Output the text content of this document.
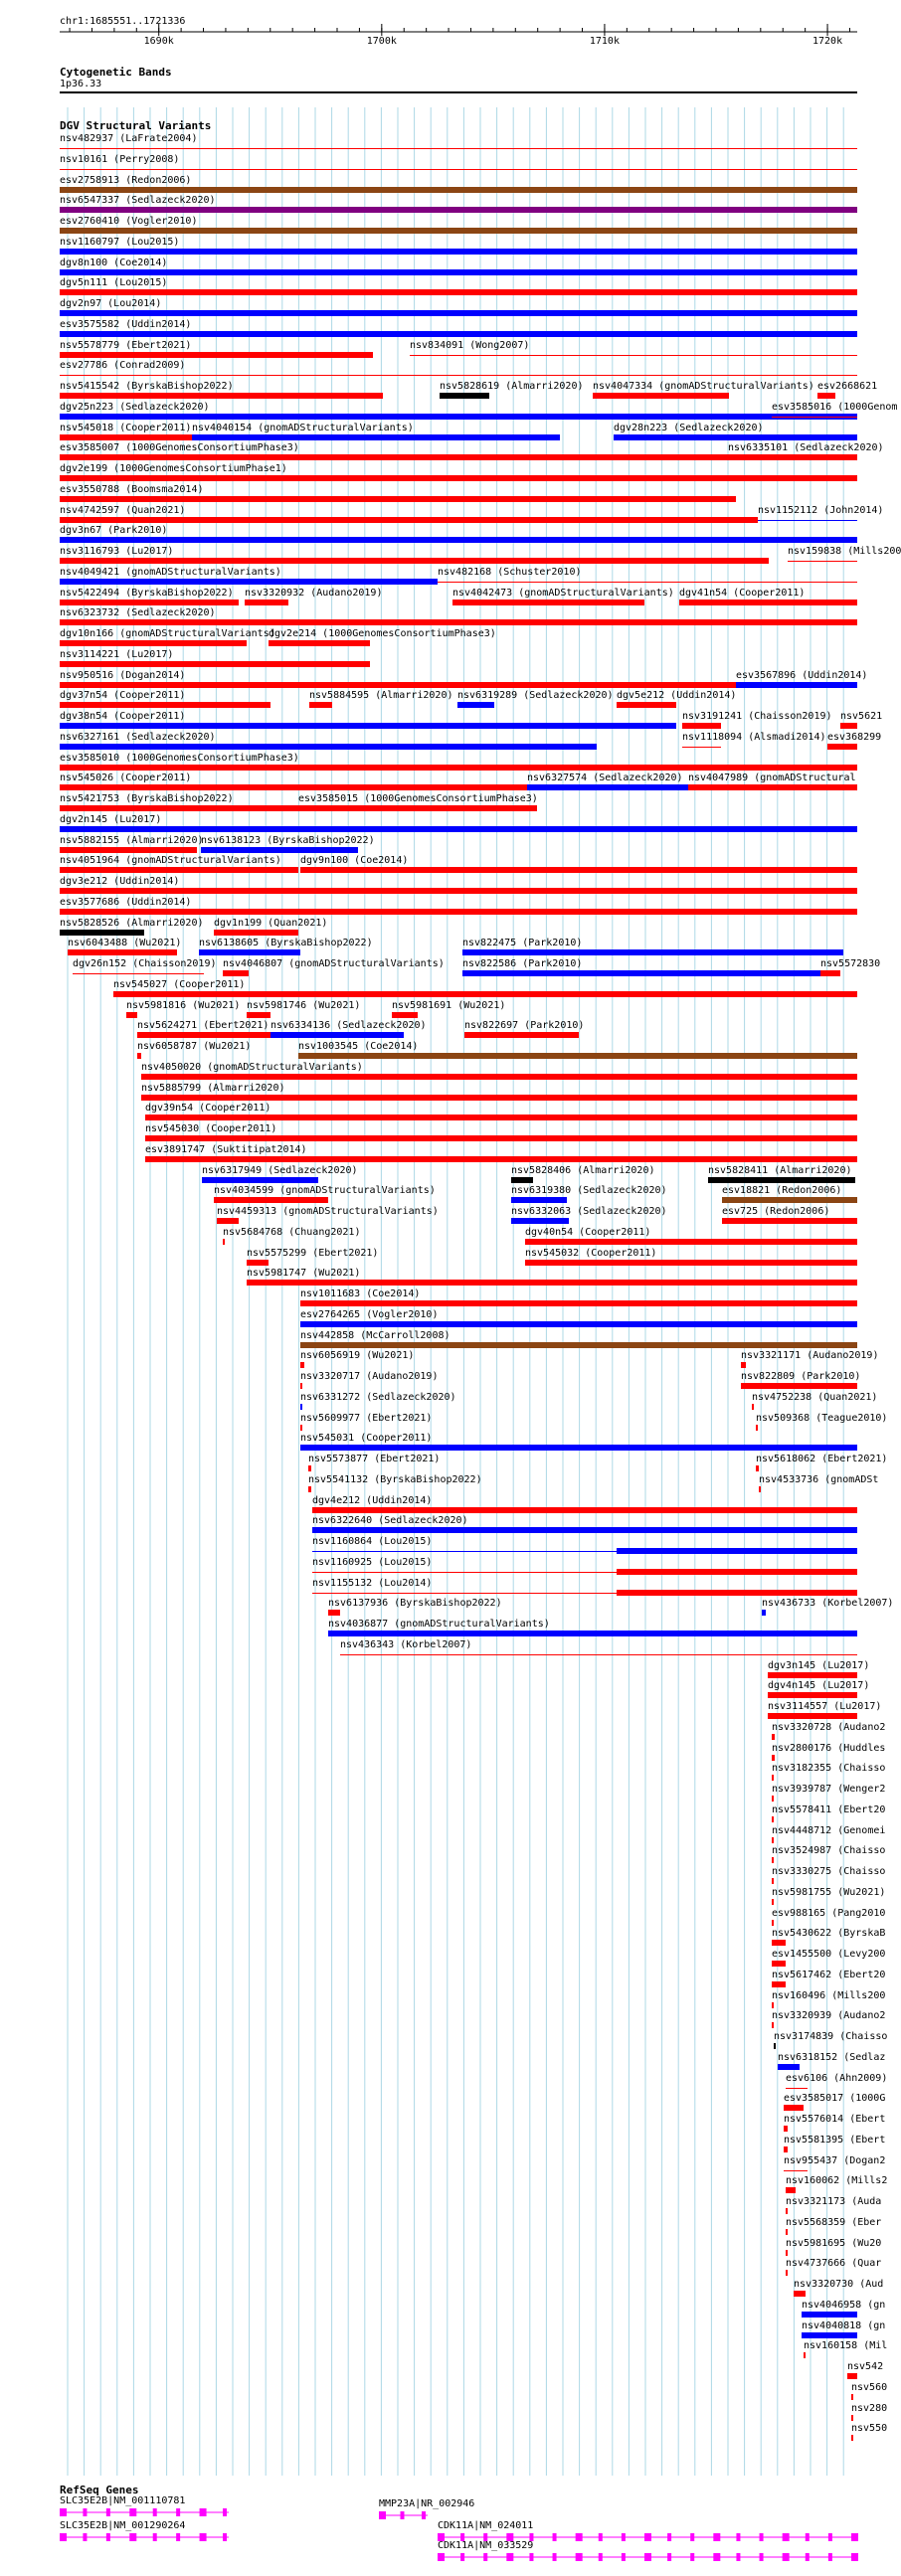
chr1:1685551..1721336
1690k	1700k	1710k	1720k
Cytogenetic Bands
1p36.33
DGV Structural Variants
nsv482937 (LaFrate2004)
nsv10161 (Perry2008)
esv2758913 (Redon2006)
nsv6547337 (Sedlazeck2020)
esv2760410 (Vogler2010)
nsv1160797 (Lou2015)
dgv8n100 (Coe2014)
dgv5n111 (Lou2015)
dgv2n97 (Lou2014)
esv3575582 (Uddin2014)
nsv5578779 (Ebert2021)	nsv834091 (Wong2007)
esv27786 (Conrad2009)
nsv5415542 (ByrskaBishop2022)	nsv5828619 (Almarri2020) nsv4047334 (gnomADStructuralVariants) esv2668621
dgv25n223 (Sedlazeck2020)	esv3585016 (1000Genom
nsv545018 (Cooper2011) nsv4040154 (gnomADStructuralVariants)	dgv28n223 (Sedlazeck2020)
esv3585007 (1000GenomesConsortiumPhase3)	nsv6335101 (Sedlazeck2020)
dgv2e199 (1000GenomesConsortiumPhase1)
esv3550788 (Boomsma2014)
nsv4742597 (Quan2021)	nsv1152112 (John2014)
dgv3n67 (Park2010)
nsv3116793 (Lu2017)	nsv159838 (Mills200
nsv4049421 (gnomADStructuralVariants)	nsv482168 (Schuster2010)
nsv5422494 (ByrskaBishop2022) nsv3320932 (Audano2019)	nsv4042473 (gnomADStructuralVariants) dgv41n54 (Cooper2011)
nsv6323732 (Sedlazeck2020)
dgv10n166 (gnomADStructuralVariants)
dgv2e214 (1000GenomesConsortiumPhase3)
nsv3114221 (Lu2017)
nsv950516 (Dogan2014)	esv3567896 (Uddin2014)
dgv37n54 (Cooper2011)	nsv5884595 (Almarri2020) nsv6319289 (Sedlazeck2020) dgv5e212 (Uddin2014)
dgv38n54 (Cooper2011)	nsv3191241 (Chaisson2019) nsv5621
nsv6327161 (Sedlazeck2020)	nsv1118094 (Alsmadi2014) esv368299
esv3585010 (1000GenomesConsortiumPhase3)
nsv545026 (Cooper2011)	nsv6327574 (Sedlazeck2020) nsv4047989 (gnomADStructural
nsv5421753 (ByrskaBishop2022)	esv3585015 (1000GenomesConsortiumPhase3)
dgv2n145 (Lu2017)
nsv5882155 (Almarri2020)
nsv6138123 (ByrskaBishop2022)
nsv4051964 (gnomADStructuralVariants) dgv9n100 (Coe2014)
dgv3e212 (Uddin2014)
esv3577686 (Uddin2014)
nsv5828526 (Almarri2020) dgv1n199 (Quan2021)
nsv6043488 (Wu2021) nsv6138605 (ByrskaBishop2022)	nsv822475 (Park2010)
dgv26n152 (Chaisson2019) nsv4046807 (gnomADStructuralVariants) nsv822586 (Park2010)	nsv5572830
nsv545027 (Cooper2011)
nsv5981816 (Wu2021) nsv5981746 (Wu2021)	nsv5981691 (Wu2021)
nsv5624271 (Ebert2021) nsv6334136 (Sedlazeck2020)	nsv822697 (Park2010)
nsv6058787 (Wu2021)	nsv1003545 (Coe2014)
nsv4050020 (gnomADStructuralVariants)
nsv5885799 (Almarri2020)
dgv39n54 (Cooper2011)
nsv545030 (Cooper2011)
esv3891747 (Suktitipat2014)
nsv6317949 (Sedlazeck2020)	nsv5828406 (Almarri2020)	nsv5828411 (Almarri2020)
nsv4034599 (gnomADStructuralVariants)	nsv6319380 (Sedlazeck2020)	esv18821 (Redon2006)
nsv4459313 (gnomADStructuralVariants)	nsv6332063 (Sedlazeck2020)	esv725 (Redon2006)
nsv5684768 (Chuang2021)	dgv40n54 (Cooper2011)
nsv5575299 (Ebert2021)	nsv545032 (Cooper2011)
nsv5981747 (Wu2021)
nsv1011683 (Coe2014)
esv2764265 (Vogler2010)
nsv442858 (McCarroll2008)
nsv6056919 (Wu2021)	nsv3321171 (Audano2019)
nsv3320717 (Audano2019)	nsv822809 (Park2010)
nsv6331272 (Sedlazeck2020)	nsv4752238 (Quan2021)
nsv5609977 (Ebert2021)	nsv509368 (Teague2010)
nsv545031 (Cooper2011)
nsv5573877 (Ebert2021)	nsv5618062 (Ebert2021)
nsv5541132 (ByrskaBishop2022)	nsv4533736 (gnomADSt
dgv4e212 (Uddin2014)
nsv6322640 (Sedlazeck2020)
nsv1160864 (Lou2015)
nsv1160925 (Lou2015)
nsv1155132 (Lou2014)
nsv6137936 (ByrskaBishop2022)	nsv436733 (Korbel2007)
nsv4036877 (gnomADStructuralVariants)
nsv436343 (Korbel2007)
dgv3n145 (Lu2017)
dgv4n145 (Lu2017)
nsv3114557 (Lu2017)
nsv3320728 (Audano2
nsv2800176 (Huddles
nsv3182355 (Chaisso
nsv3939787 (Wenger2
nsv5578411 (Ebert20
nsv4448712 (Genomei
nsv3524987 (Chaisso
nsv3330275 (Chaisso
nsv5981755 (Wu2021)
esv988165 (Pang2010
nsv5430622 (ByrskaB
esv1455500 (Levy200
nsv5617462 (Ebert20
nsv160496 (Mills200
nsv3320939 (Audano2
nsv3174839 (Chaisso
nsv6318152 (Sedlaz
esv6106 (Ahn2009)
esv3585017 (1000G
nsv5576014 (Ebert
nsv5581395 (Ebert
nsv955437 (Dogan2
nsv160062 (Mills2
nsv3321173 (Auda
nsv5568359 (Eber
nsv5981695 (Wu20
nsv4737666 (Quar
nsv3320730 (Aud
nsv4046958 (gn
nsv4040818 (gn
nsv160158 (Mil
nsv542
nsv560
nsv280
nsv550
RefSeq Genes
SLC35E2B|NM_001110781
SLC35E2B|NM_001290264
MMP23A|NR_002946
CDK11A|NM_024011
CDK11A|NM_033529
